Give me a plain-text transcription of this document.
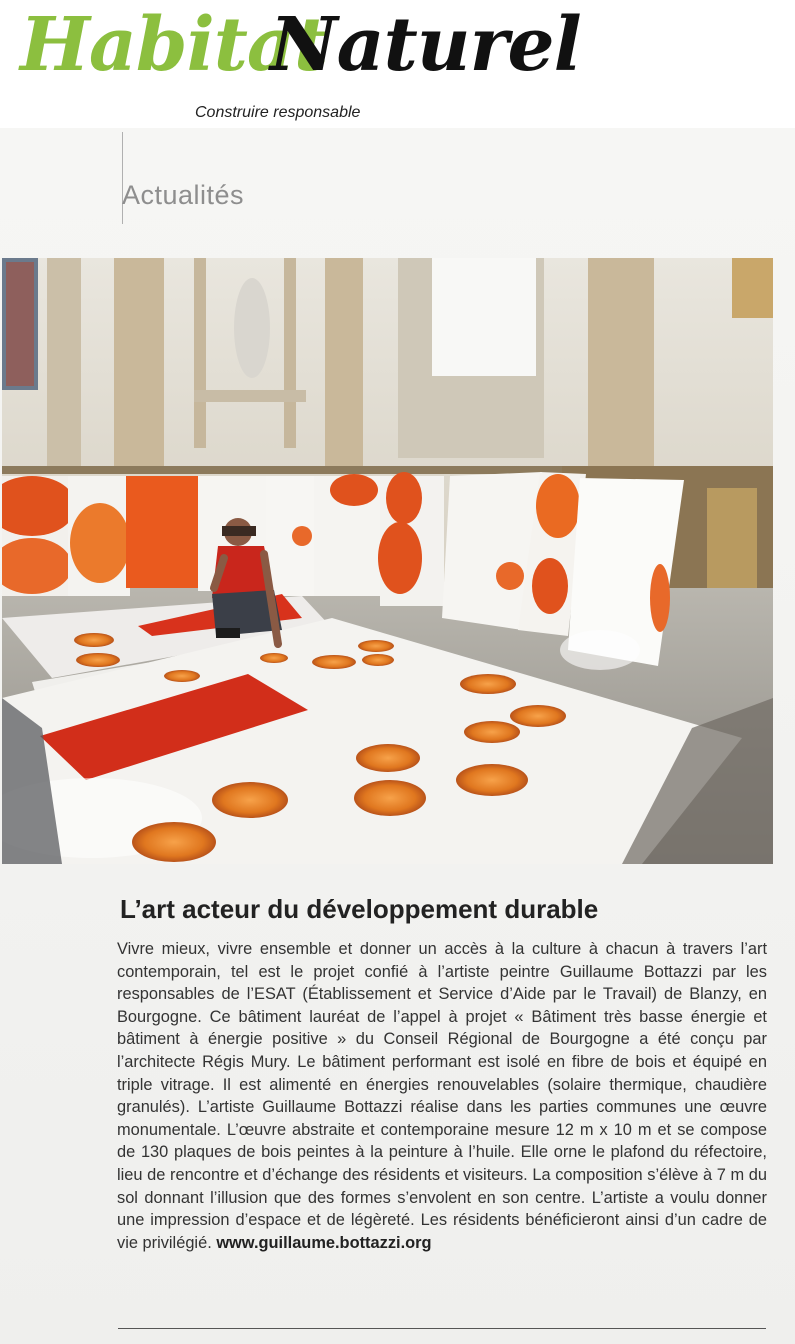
Habitat
Naturel
Construire responsable
Actualités
L’art acteur du développement durable

Vivre mieux, vivre ensemble et donner un accès à la culture à chacun à travers l’art contemporain, tel est le projet confié à l’artiste peintre Guillaume Bottazzi par les responsables de l’ESAT (Établissement et Service d’Aide par le Travail) de Blanzy, en Bourgogne. Ce bâtiment lauréat de l’appel à projet « Bâtiment très basse énergie et bâtiment à énergie positive » du Conseil Régional de Bourgogne a été conçu par l’architecte Régis Mury. Le bâtiment performant est isolé en fibre de bois et équipé en triple vitrage. Il est alimenté en énergies renouvelables (solaire thermique, chaudière granulés). L’artiste Guillaume Bottazzi réalise dans les parties communes une œuvre monumentale. L’œuvre abstraite et contemporaine mesure 12 m x 10 m et se compose de 130 plaques de bois peintes à la peinture à l’huile. Elle orne le plafond du réfectoire, lieu de rencontre et d’échange des résidents et visiteurs. La composition s’élève à 7 m du sol donnant l’illusion que des formes s’envolent en son centre. L’artiste a voulu donner une impression d’espace et de légèreté. Les résidents bénéficieront ainsi d’un cadre de vie privilégié. www.guillaume.bottazzi.org
